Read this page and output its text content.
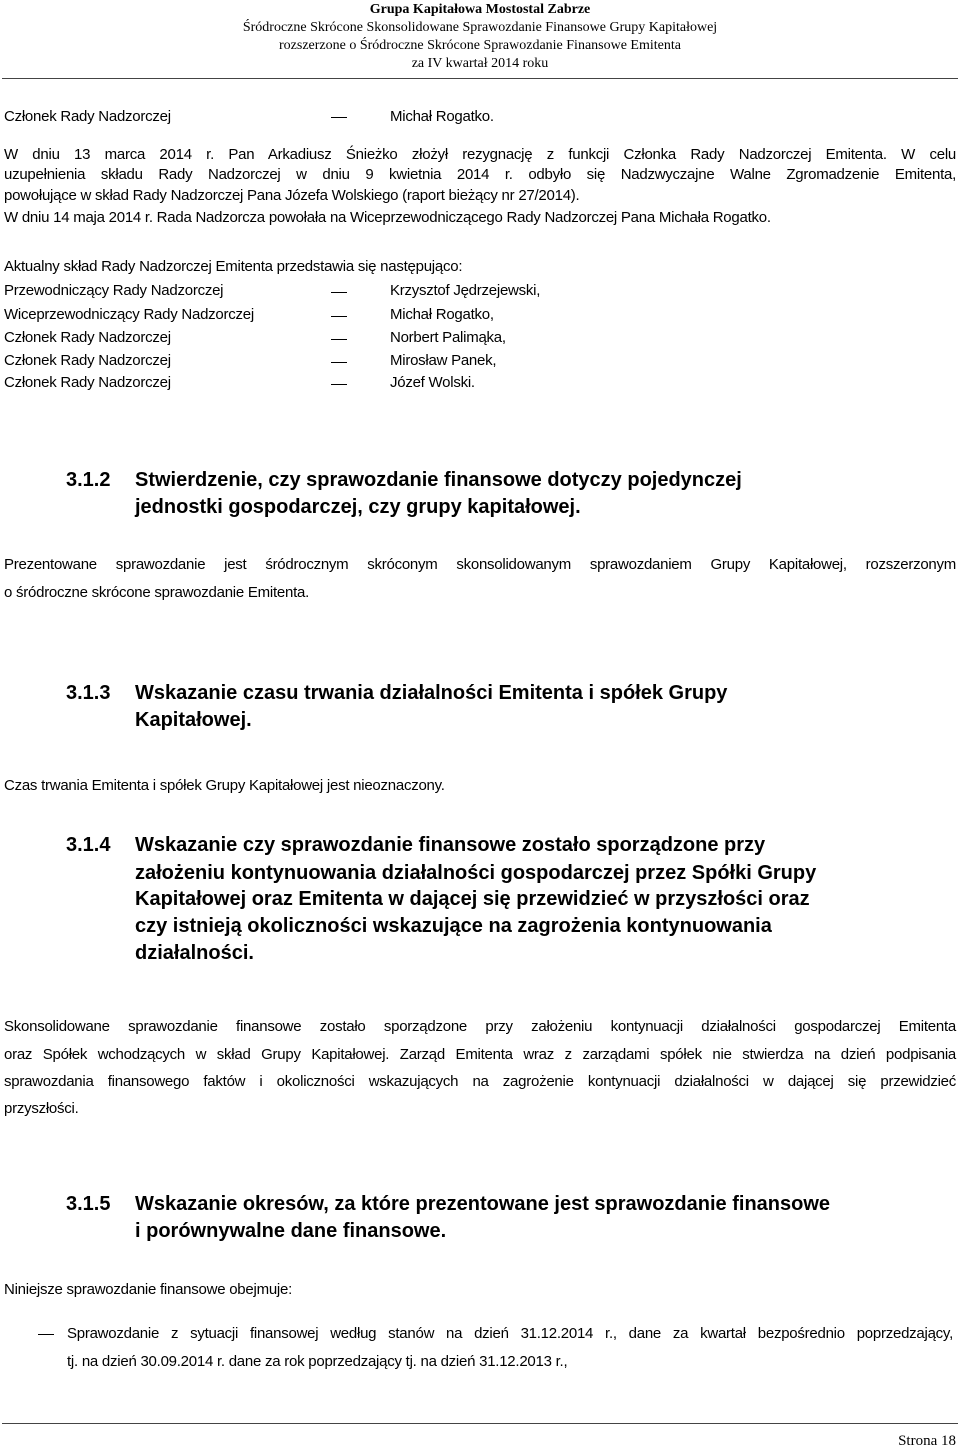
Grupa Kapitałowa Mostostal Zabrze
Śródroczne Skrócone Skonsolidowane Sprawozdanie Finansowe Grupy Kapitałowej
rozszerzone o Śródroczne Skrócone Sprawozdanie Finansowe Emitenta
za IV kwartał 2014 roku
Członek Rady Nadzorczej	Michał Rogatko.
W dniu 13 marca 2014 r. Pan Arkadiusz Śnieżko złożył rezygnację z funkcji Członka Rady Nadzorczej Emitenta. W celu
uzupełnienia składu Rady Nadzorczej w dniu 9 kwietnia 2014 r. odbyło się Nadzwyczajne Walne Zgromadzenie Emitenta,
powołujące w skład Rady Nadzorczej Pana Józefa Wolskiego (raport bieżący nr 27/2014).
W dniu 14 maja 2014 r. Rada Nadzorcza powołała na Wiceprzewodniczącego Rady Nadzorczej Pana Michała Rogatko.
Aktualny skład Rady Nadzorczej Emitenta przedstawia się następująco:
Przewodniczący Rady Nadzorczej	Krzysztof Jędrzejewski,
Wiceprzewodniczący Rady Nadzorczej	Michał Rogatko,
Członek Rady Nadzorczej	Norbert Palimąka,
Członek Rady Nadzorczej	Mirosław Panek,
Członek Rady Nadzorczej	Józef Wolski.
3.1.2 Stwierdzenie, czy sprawozdanie finansowe dotyczy pojedynczej
jednostki gospodarczej, czy grupy kapitałowej.
Prezentowane sprawozdanie jest śródrocznym skróconym skonsolidowanym sprawozdaniem Grupy Kapitałowej, rozszerzonym
o śródroczne skrócone sprawozdanie Emitenta.
3.1.3 Wskazanie czasu trwania działalności Emitenta i spółek Grupy
Kapitałowej.
Czas trwania Emitenta i spółek Grupy Kapitałowej jest nieoznaczony.
3.1.4 Wskazanie czy sprawozdanie finansowe zostało sporządzone przy
założeniu kontynuowania działalności gospodarczej przez Spółki Grupy
Kapitałowej oraz Emitenta w dającej się przewidzieć w przyszłości oraz
czy istnieją okoliczności wskazujące na zagrożenia kontynuowania
działalności.
Skonsolidowane sprawozdanie finansowe zostało sporządzone przy założeniu kontynuacji działalności gospodarczej Emitenta
oraz Spółek wchodzących w skład Grupy Kapitałowej. Zarząd Emitenta wraz z zarządami spółek nie stwierdza na dzień podpisania
sprawozdania finansowego faktów i okoliczności wskazujących na zagrożenie kontynuacji działalności w dającej się przewidzieć
przyszłości.
3.1.5 Wskazanie okresów, za które prezentowane jest sprawozdanie finansowe
i porównywalne dane finansowe.
Niniejsze sprawozdanie finansowe obejmuje:
Sprawozdanie z sytuacji finansowej według stanów na dzień 31.12.2014 r., dane za kwartał bezpośrednio poprzedzający,
tj. na dzień 30.09.2014 r. dane za rok poprzedzający tj. na dzień 31.12.2013 r.,
Strona 18
